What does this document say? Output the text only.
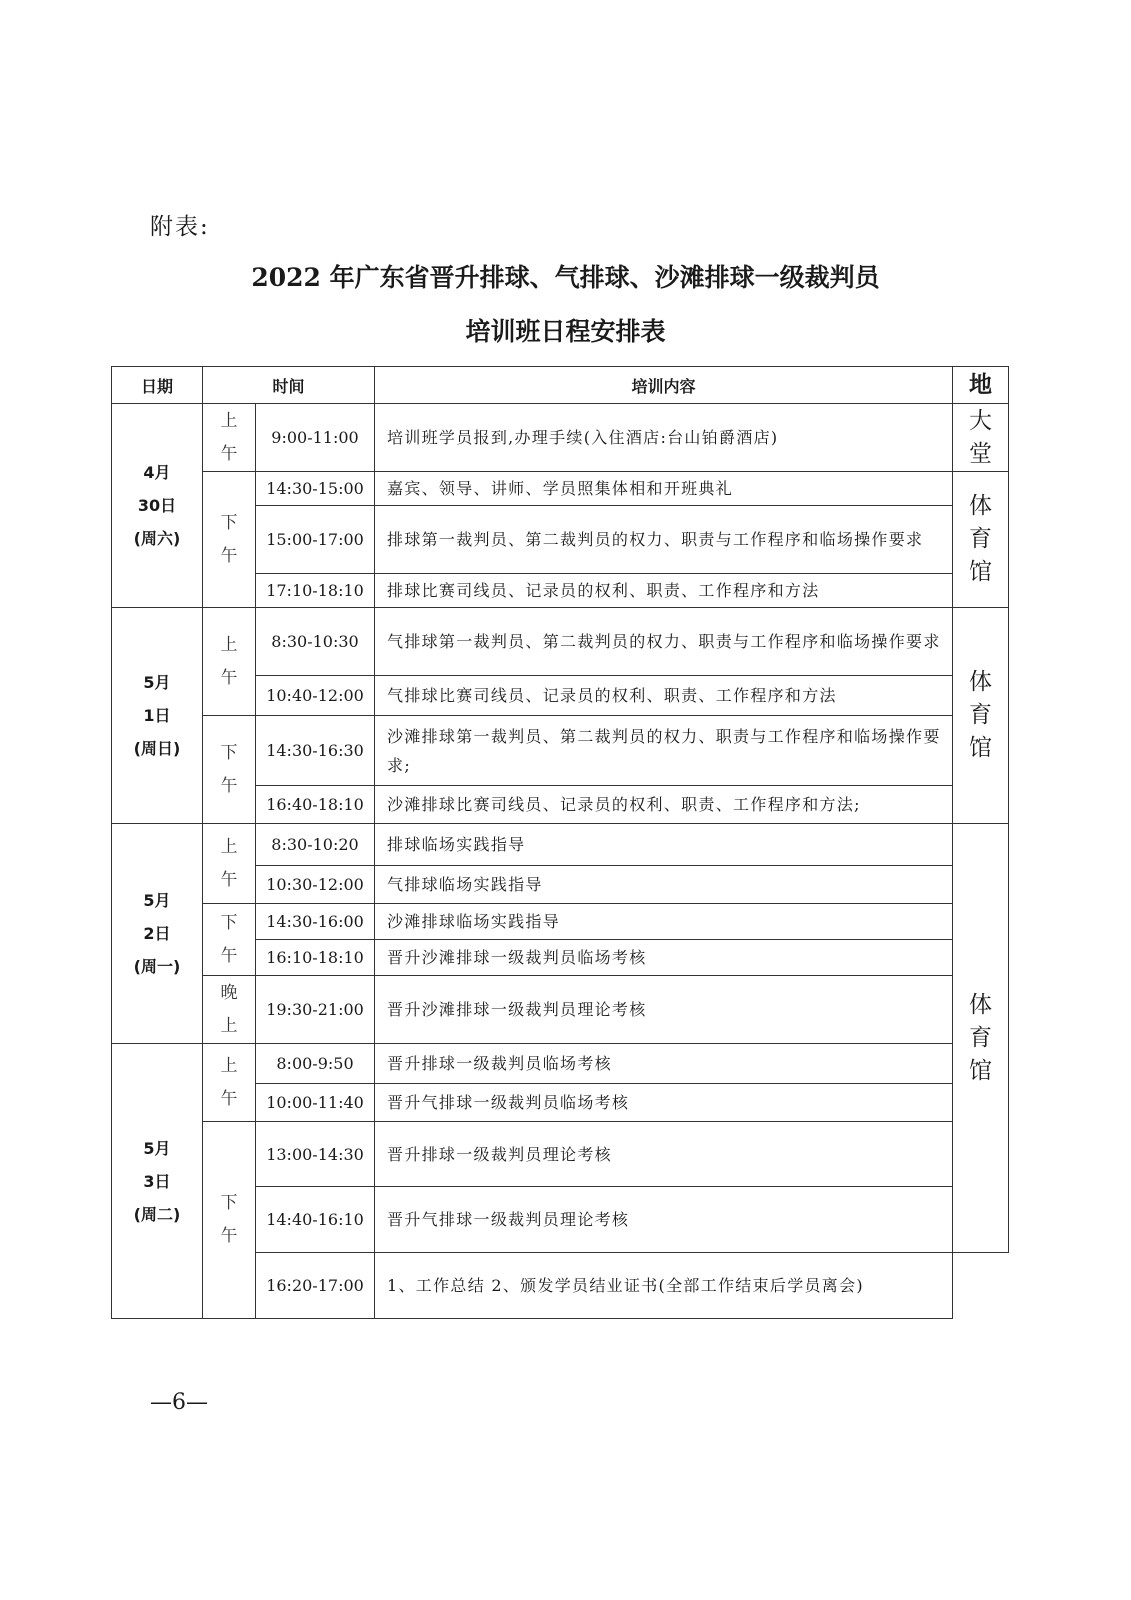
附表:
2022 年广东省晋升排球、气排球、沙滩排球一级裁判员
培训班日程安排表
日期	时间		培训内容	地

4月
30日
(周六)	上午	9:00-11:00	培训班学员报到,办理手续(入住酒店:台山铂爵酒店)	大堂

	下午	14:30-15:00	嘉宾、领导、讲师、学员照集体相和开班典礼	体育馆

		15:00-17:00	排球第一裁判员、第二裁判员的权力、职责与工作程序和临场操作要求	
		17:10-18:10	排球比赛司线员、记录员的权利、职责、工作程序和方法	

5月
1日
(周日)	上午	8:30-10:30	气排球第一裁判员、第二裁判员的权力、职责与工作程序和临场操作要求	体育馆

		10:40-12:00	气排球比赛司线员、记录员的权利、职责、工作程序和方法	

	下午	14:30-16:30	沙滩排球第一裁判员、第二裁判员的权力、职责与工作程序和临场操作要求;	
		16:40-18:10	沙滩排球比赛司线员、记录员的权利、职责、工作程序和方法;	

5月
2日
(周一)	上午	8:30-10:20	排球临场实践指导	体育馆

		10:30-12:00	气排球临场实践指导	

	下午	14:30-16:00	沙滩排球临场实践指导	
		16:10-18:10	晋升沙滩排球一级裁判员临场考核	

	晚上	19:30-21:00	晋升沙滩排球一级裁判员理论考核	

5月
3日
(周二)	上午	8:00-9:50	晋升排球一级裁判员临场考核	
		10:00-11:40	晋升气排球一级裁判员临场考核	

	下午	13:00-14:30	晋升排球一级裁判员理论考核	
		14:40-16:10	晋升气排球一级裁判员理论考核	
		16:20-17:00	1、工作总结 2、颁发学员结业证书(全部工作结束后学员离会)	
—6—
